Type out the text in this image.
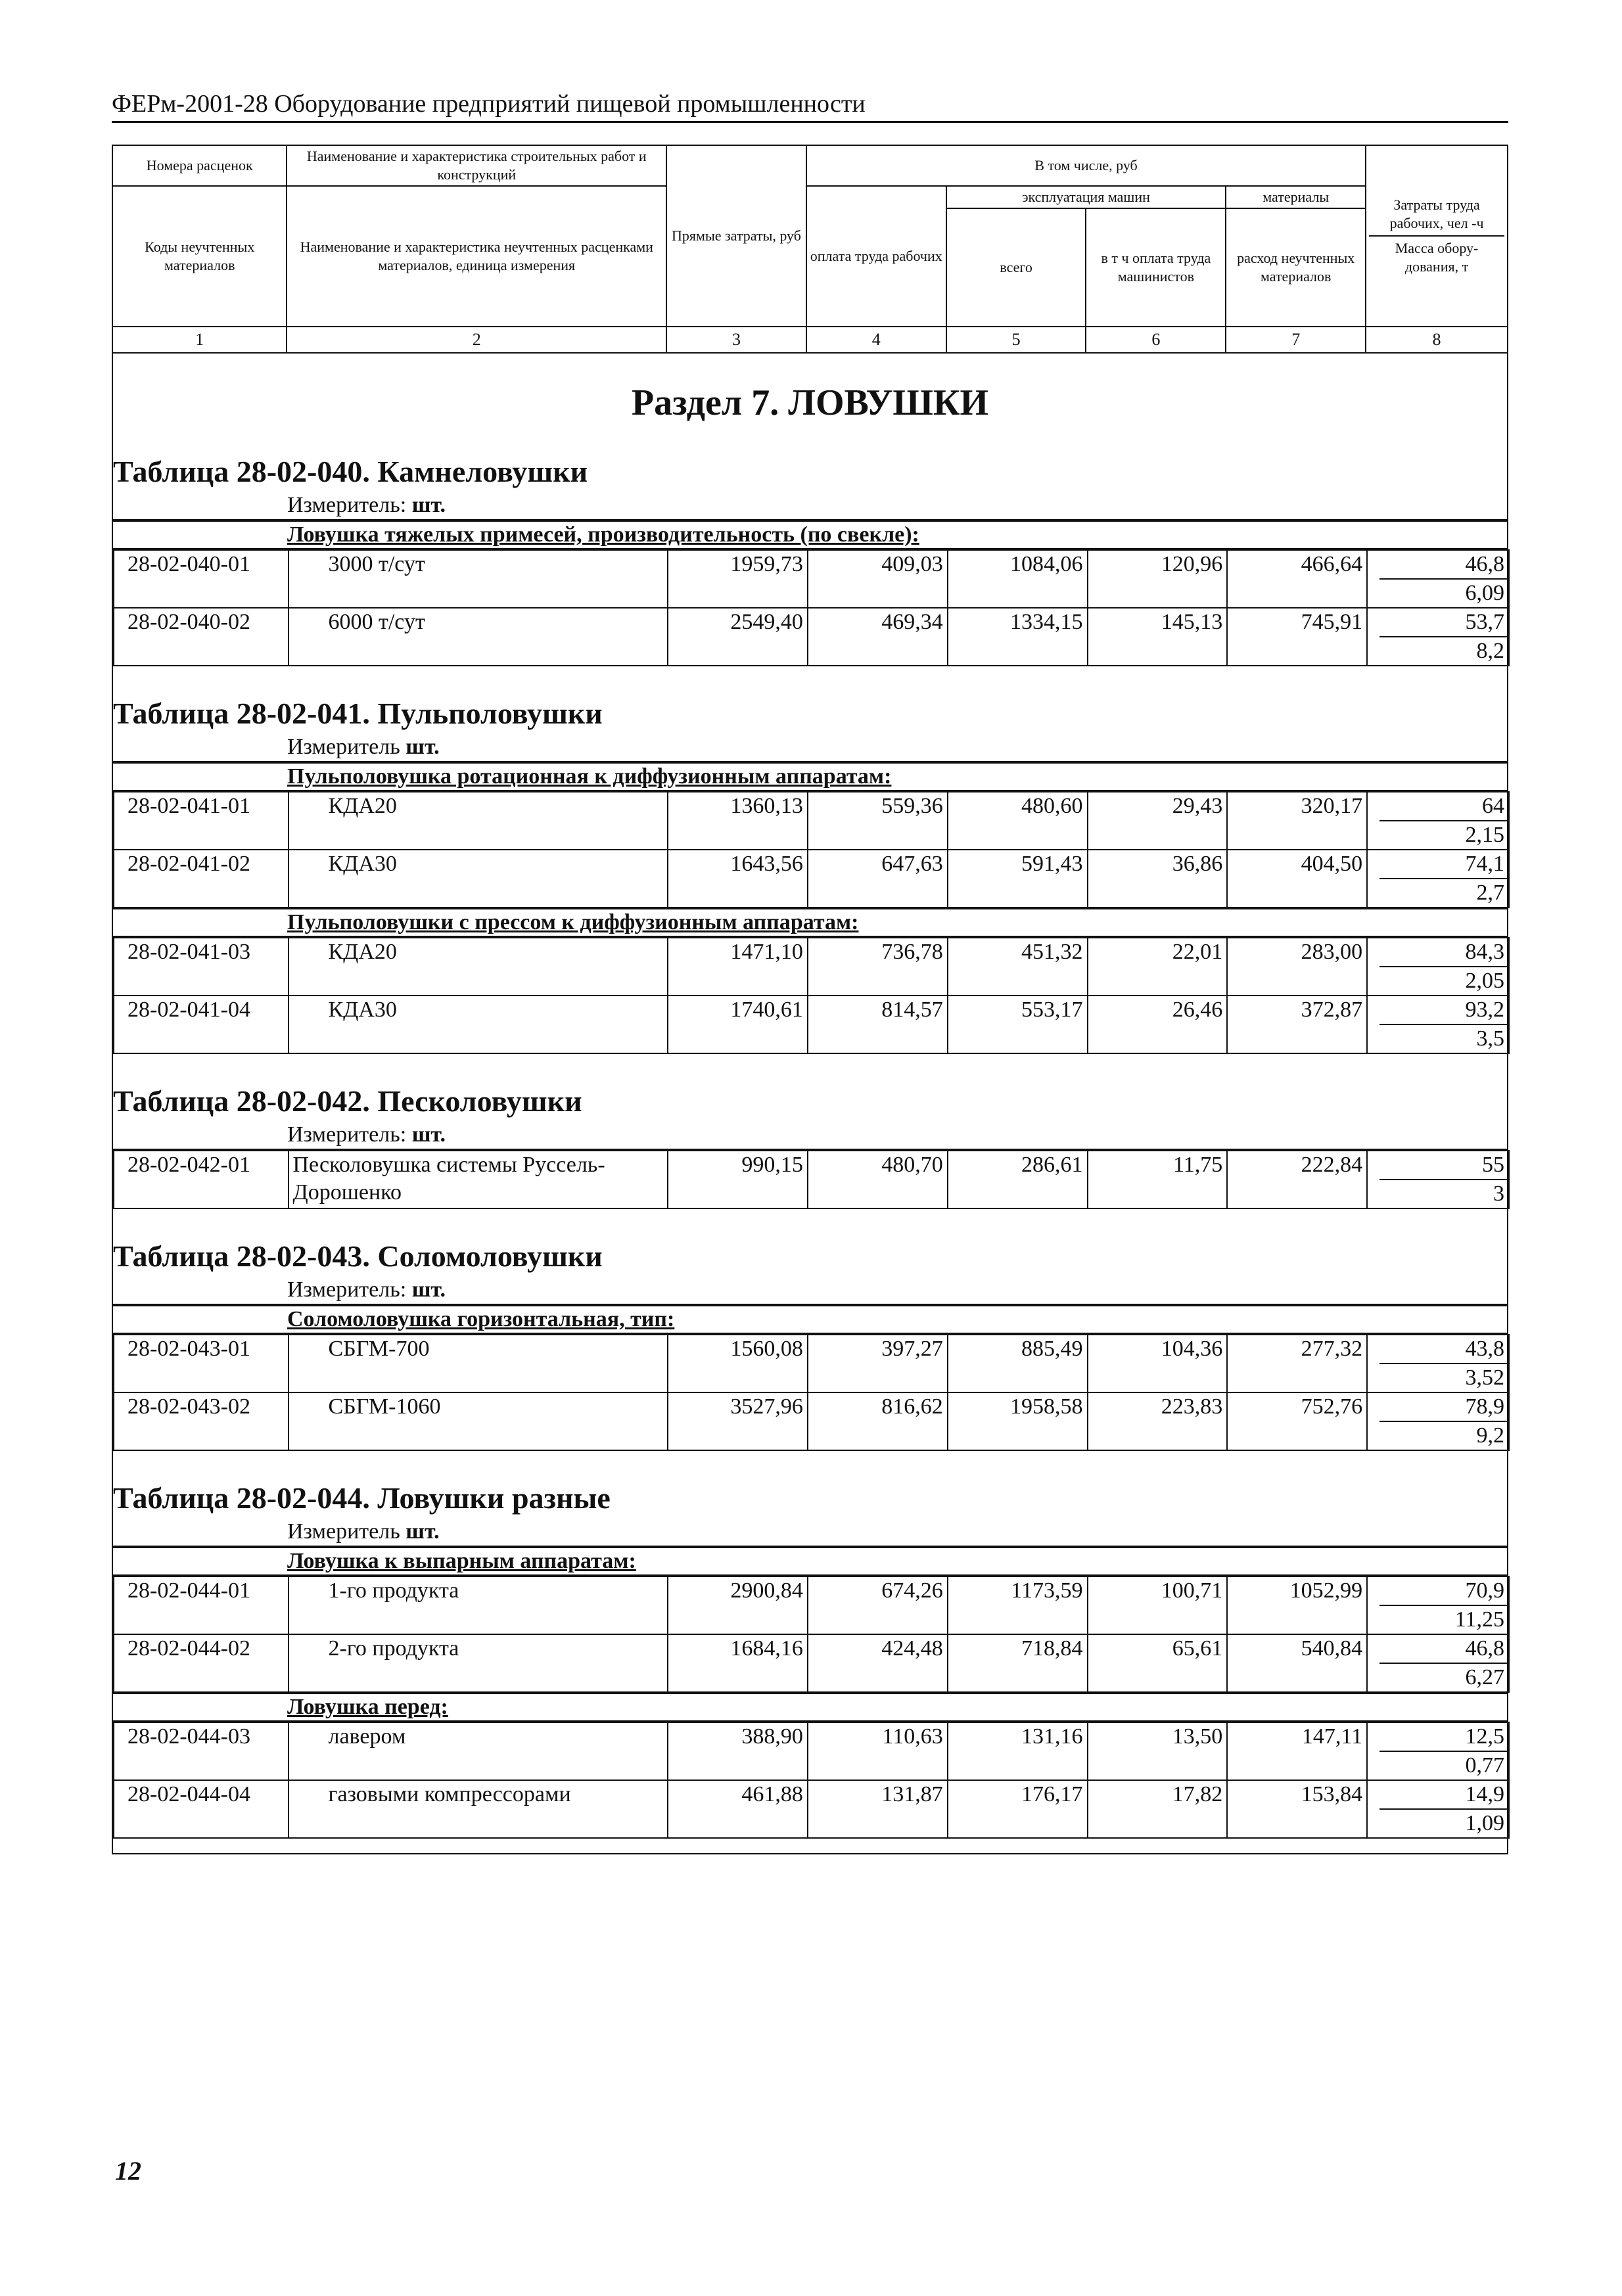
ФЕРм-2001-28 Оборудование предприятий пищевой промышленности
Номера расценок	Наименование и характеристика строительных работ и конструкций	Прямые затраты, руб	В том числе, руб				Затраты труда рабочих, чел -ч
Масса обору-дования, т

Коды неучтенных материалов	Наименование и характеристика неучтенных расценками материалов, единица измерения		оплата труда рабочих	эксплуатация машин		материалы	
				всего	в т ч оплата труда машинистов	расход неучтенных материалов	
1	2	3	4	5	6	7	8
Раздел 7. ЛОВУШКИ
Таблица 28-02-040. Камнеловушки
Измеритель: шт.
Ловушка тяжелых примесей, производительность (по свекле):
28-02-040-01	3000 т/сут	1959,73	409,03	1084,06	120,96	466,64	46,8
6,09

28-02-040-02	6000 т/сут	2549,40	469,34	1334,15	145,13	745,91	53,7
8,2
Таблица 28-02-041. Пульполовушки
Измеритель шт.
Пульполовушка ротационная к диффузионным аппаратам:
28-02-041-01	КДА20	1360,13	559,36	480,60	29,43	320,17	64
2,15

28-02-041-02	КДА30	1643,56	647,63	591,43	36,86	404,50	74,1
2,7
Пульполовушки с прессом к диффузионным аппаратам:
28-02-041-03	КДА20	1471,10	736,78	451,32	22,01	283,00	84,3
2,05

28-02-041-04	КДА30	1740,61	814,57	553,17	26,46	372,87	93,2
3,5
Таблица 28-02-042. Песколовушки
Измеритель: шт.
28-02-042-01	Песколовушка системы Руссель-Дорошенко	990,15	480,70	286,61	11,75	222,84	55
3
Таблица 28-02-043. Соломоловушки
Измеритель: шт.
Соломоловушка горизонтальная, тип:
28-02-043-01	СБГМ-700	1560,08	397,27	885,49	104,36	277,32	43,8
3,52

28-02-043-02	СБГМ-1060	3527,96	816,62	1958,58	223,83	752,76	78,9
9,2
Таблица 28-02-044. Ловушки разные
Измеритель шт.
Ловушка к выпарным аппаратам:
28-02-044-01	1-го продукта	2900,84	674,26	1173,59	100,71	1052,99	70,9
11,25

28-02-044-02	2-го продукта	1684,16	424,48	718,84	65,61	540,84	46,8
6,27
Ловушка перед:
28-02-044-03	лавером	388,90	110,63	131,16	13,50	147,11	12,5
0,77

28-02-044-04	газовыми компрессорами	461,88	131,87	176,17	17,82	153,84	14,9
1,09
12
